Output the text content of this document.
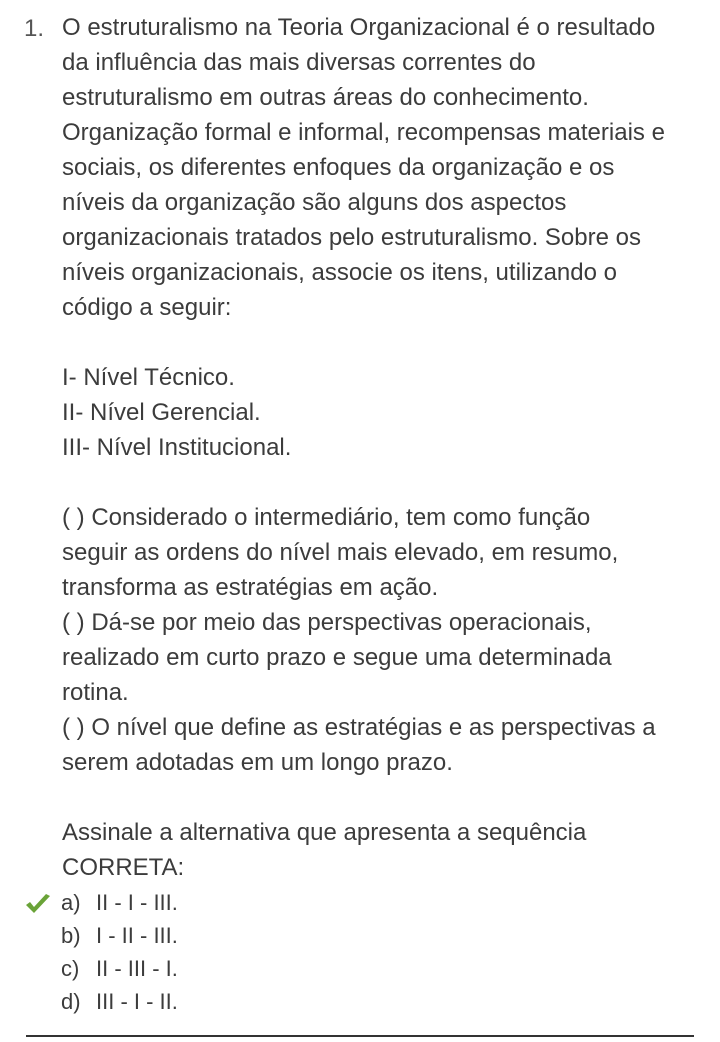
1. O estruturalismo na Teoria Organizacional é o resultado
da influência das mais diversas correntes do
estruturalismo em outras áreas do conhecimento.
Organização formal e informal, recompensas materiais e
sociais, os diferentes enfoques da organização e os
níveis da organização são alguns dos aspectos
organizacionais tratados pelo estruturalismo. Sobre os
níveis organizacionais, associe os itens, utilizando o
código a seguir:

I- Nível Técnico.
II- Nível Gerencial.
III- Nível Institucional.

( ) Considerado o intermediário, tem como função
seguir as ordens do nível mais elevado, em resumo,
transforma as estratégias em ação.
( ) Dá-se por meio das perspectivas operacionais,
realizado em curto prazo e segue uma determinada
rotina.
( ) O nível que define as estratégias e as perspectivas a
serem adotadas em um longo prazo.

Assinale a alternativa que apresenta a sequência
CORRETA:

a) II - I - III.
b) I - II - III.
c) II - III - I.
d) III - I - II.
